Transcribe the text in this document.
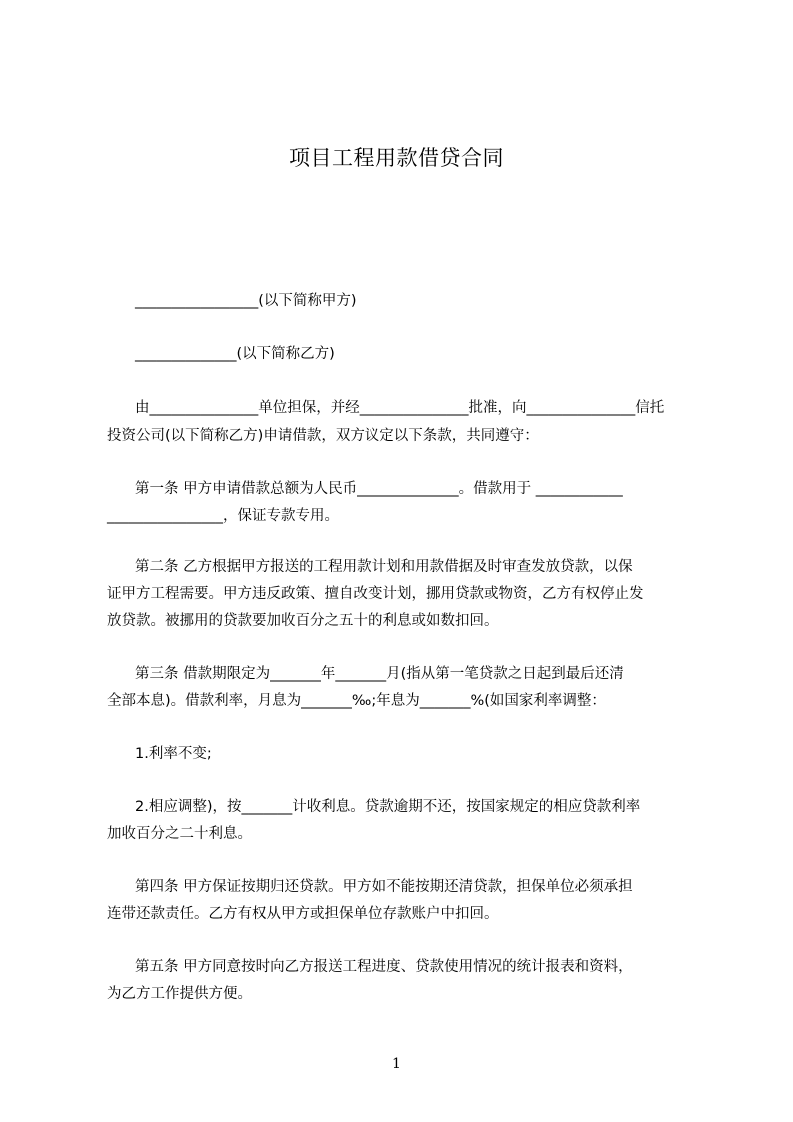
项目工程用款借贷合同
_________________(以下简称甲方)
______________(以下简称乙方)
由_______________单位担保，并经_______________批准，向_______________信托
投资公司(以下简称乙方)申请借款，双方议定以下条款，共同遵守：
第一条 甲方申请借款总额为人民币______________。借款用于 ____________
________________，保证专款专用。
第二条 乙方根据甲方报送的工程用款计划和用款借据及时审查发放贷款，以保
证甲方工程需要。甲方违反政策、擅自改变计划，挪用贷款或物资，乙方有权停止发
放贷款。被挪用的贷款要加收百分之五十的利息或如数扣回。
第三条 借款期限定为_______年_______月(指从第一笔贷款之日起到最后还清
全部本息)。借款利率，月息为_______‰;年息为_______%(如国家利率调整：
1.利率不变;
2.相应调整)，按_______计收利息。贷款逾期不还，按国家规定的相应贷款利率
加收百分之二十利息。
第四条 甲方保证按期归还贷款。甲方如不能按期还清贷款，担保单位必须承担
连带还款责任。乙方有权从甲方或担保单位存款账户中扣回。
第五条 甲方同意按时向乙方报送工程进度、贷款使用情况的统计报表和资料，
为乙方工作提供方便。
1
